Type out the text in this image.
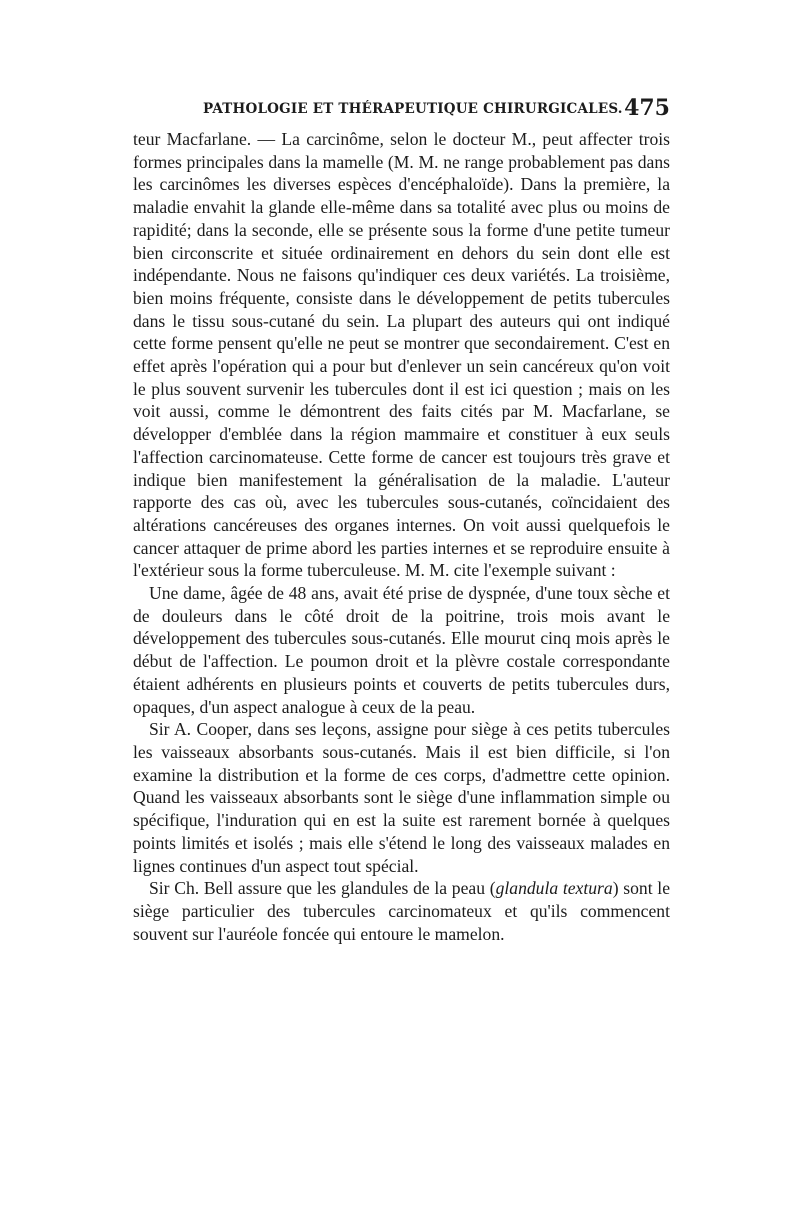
PATHOLOGIE ET THÉRAPEUTIQUE CHIRURGICALES. 475

teur Macfarlane. — La carcinôme, selon le docteur M., peut affecter trois formes principales dans la mamelle (M. M. ne range probablement pas dans les carcinômes les diverses espèces d'encéphaloïde). Dans la première, la maladie envahit la glande elle-même dans sa totalité avec plus ou moins de rapidité; dans la seconde, elle se présente sous la forme d'une petite tumeur bien circonscrite et située ordinairement en dehors du sein dont elle est indépendante. Nous ne faisons qu'indiquer ces deux variétés. La troisième, bien moins fréquente, consiste dans le développement de petits tubercules dans le tissu sous-cutané du sein. La plupart des auteurs qui ont indiqué cette forme pensent qu'elle ne peut se montrer que secondairement. C'est en effet après l'opération qui a pour but d'enlever un sein cancéreux qu'on voit le plus souvent survenir les tubercules dont il est ici question ; mais on les voit aussi, comme le démontrent des faits cités par M. Macfarlane, se développer d'emblée dans la région mammaire et constituer à eux seuls l'affection carcinomateuse. Cette forme de cancer est toujours très grave et indique bien manifestement la généralisation de la maladie. L'auteur rapporte des cas où, avec les tubercules sous-cutanés, coïncidaient des altérations cancéreuses des organes internes. On voit aussi quelquefois le cancer attaquer de prime abord les parties internes et se reproduire ensuite à l'extérieur sous la forme tuberculeuse. M. M. cite l'exemple suivant :

Une dame, âgée de 48 ans, avait été prise de dyspnée, d'une toux sèche et de douleurs dans le côté droit de la poitrine, trois mois avant le développement des tubercules sous-cutanés. Elle mourut cinq mois après le début de l'affection. Le poumon droit et la plèvre costale correspondante étaient adhérents en plusieurs points et couverts de petits tubercules durs, opaques, d'un aspect analogue à ceux de la peau.

Sir A. Cooper, dans ses leçons, assigne pour siège à ces petits tubercules les vaisseaux absorbants sous-cutanés. Mais il est bien difficile, si l'on examine la distribution et la forme de ces corps, d'admettre cette opinion. Quand les vaisseaux absorbants sont le siège d'une inflammation simple ou spécifique, l'induration qui en est la suite est rarement bornée à quelques points limités et isolés ; mais elle s'étend le long des vaisseaux malades en lignes continues d'un aspect tout spécial.

Sir Ch. Bell assure que les glandules de la peau (glandula textura) sont le siège particulier des tubercules carcinomateux et qu'ils commencent souvent sur l'auréole foncée qui entoure le mamelon.
